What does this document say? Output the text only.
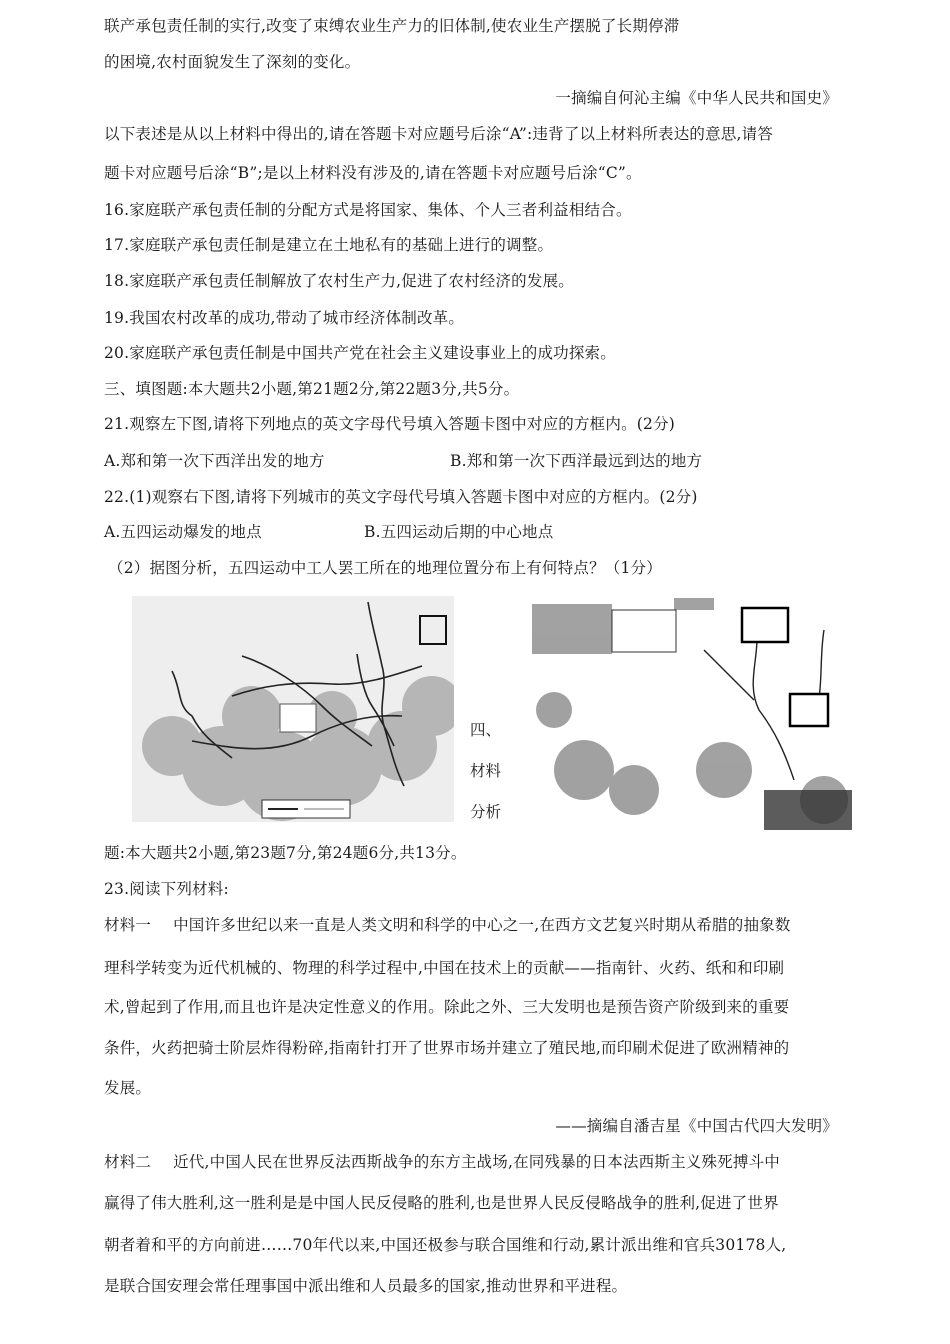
联产承包责任制的实行,改变了束缚农业生产力的旧体制,使农业生产摆脱了长期停滞
的困境,农村面貌发生了深刻的变化。
一摘编自何沁主编《中华人民共和国史》
以下表述是从以上材料中得出的,请在答题卡对应题号后涂“A”:违背了以上材料所表达的意思,请答
题卡对应题号后涂“B”;是以上材料没有涉及的,请在答题卡对应题号后涂“C”。
16.家庭联产承包责任制的分配方式是将国家、集体、个人三者利益相结合。
17.家庭联产承包责任制是建立在土地私有的基础上进行的调整。
18.家庭联产承包责任制解放了农村生产力,促进了农村经济的发展。
19.我国农村改革的成功,带动了城市经济体制改革。
20.家庭联产承包责任制是中国共产党在社会主义建设事业上的成功探索。
三、填图题:本大题共2小题,第21题2分,第22题3分,共5分。
21.观察左下图,请将下列地点的英文字母代号填入答题卡图中对应的方框内。(2分)
A.郑和第一次下西洋出发的地方	B.郑和第一次下西洋最远到达的地方
22.(1)观察右下图,请将下列城市的英文字母代号填入答题卡图中对应的方框内。(2分)
A.五四运动爆发的地点	B.五四运动后期的中心地点
（2）据图分析，五四运动中工人罢工所在的地理位置分布上有何特点？（1分）
四、
材料
分析
题:本大题共2小题,第23题7分,第24题6分,共13分。
23.阅读下列材料:
材料一 中国许多世纪以来一直是人类文明和科学的中心之一,在西方文艺复兴时期从希腊的抽象数
理科学转变为近代机械的、物理的科学过程中,中国在技术上的贡献——指南针、火药、纸和和印刷
术,曾起到了作用,而且也许是决定性意义的作用。除此之外、三大发明也是预告资产阶级到来的重要
条件，火药把骑士阶层炸得粉碎,指南针打开了世界市场并建立了殖民地,而印刷术促进了欧洲精神的
发展。
——摘编自潘吉星《中国古代四大发明》
材料二 近代,中国人民在世界反法西斯战争的东方主战场,在同残暴的日本法西斯主义殊死搏斗中
赢得了伟大胜利,这一胜利是是中国人民反侵略的胜利,也是世界人民反侵略战争的胜利,促进了世界
朝者着和平的方向前进……70年代以来,中国还极参与联合国维和行动,累计派出维和官兵30178人,
是联合国安理会常任理事国中派出维和人员最多的国家,推动世界和平进程。
